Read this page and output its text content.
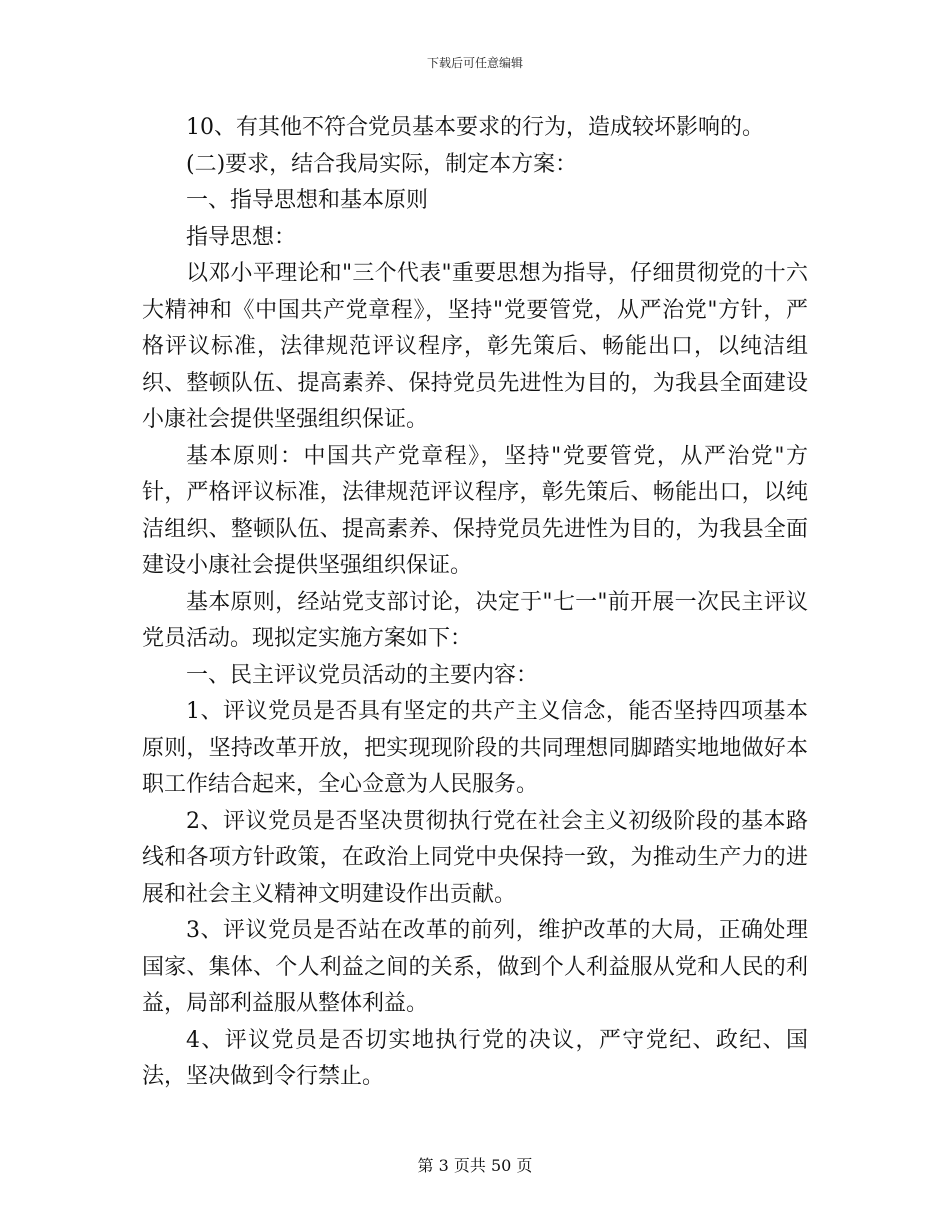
下载后可任意编辑

10、有其他不符合党员基本要求的行为，造成较坏影响的。

(二)要求，结合我局实际，制定本方案：

一、指导思想和基本原则

指导思想：

以邓小平理论和"三个代表"重要思想为指导，仔细贯彻党的十六大精神和《中国共产党章程》，坚持"党要管党，从严治党"方针，严格评议标准，法律规范评议程序，彰先策后、畅能出口，以纯洁组织、整顿队伍、提高素养、保持党员先进性为目的，为我县全面建设小康社会提供坚强组织保证。

基本原则：中国共产党章程》，坚持"党要管党，从严治党"方针，严格评议标准，法律规范评议程序，彰先策后、畅能出口，以纯洁组织、整顿队伍、提高素养、保持党员先进性为目的，为我县全面建设小康社会提供坚强组织保证。

基本原则，经站党支部讨论，决定于"七一"前开展一次民主评议党员活动。现拟定实施方案如下：

一、民主评议党员活动的主要内容：

1、评议党员是否具有坚定的共产主义信念，能否坚持四项基本原则，坚持改革开放，把实现现阶段的共同理想同脚踏实地地做好本职工作结合起来，全心佥意为人民服务。

2、评议党员是否坚决贯彻执行党在社会主义初级阶段的基本路线和各项方针政策，在政治上同党中央保持一致，为推动生产力的进展和社会主义精神文明建设作出贡献。

3、评议党员是否站在改革的前列，维护改革的大局，正确处理国家、集体、个人利益之间的关系，做到个人利益服从党和人民的利益，局部利益服从整体利益。

4、评议党员是否切实地执行党的决议，严守党纪、政纪、国法，坚决做到令行禁止。

第 3 页共 50 页
